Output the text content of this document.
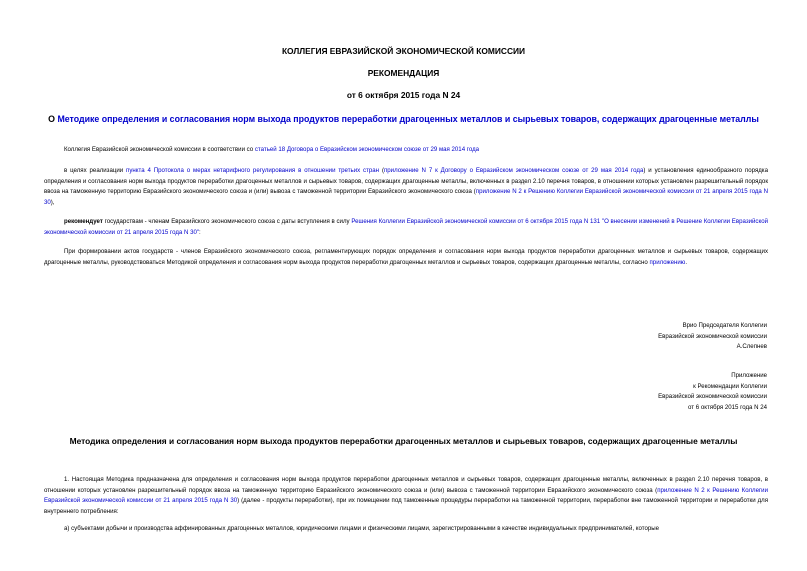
КОЛЛЕГИЯ ЕВРАЗИЙСКОЙ ЭКОНОМИЧЕСКОЙ КОМИССИИ
РЕКОМЕНДАЦИЯ
от 6 октября 2015 года N 24
О Методике определения и согласования норм выхода продуктов переработки драгоценных металлов и сырьевых товаров, содержащих драгоценные металлы
Коллегия Евразийской экономической комиссии в соответствии со статьей 18 Договора о Евразийском экономическом союзе от 29 мая 2014 года
в целях реализации пункта 4 Протокола о мерах нетарифного регулирования в отношении третьих стран (приложение N 7 к Договору о Евразийском экономическом союзе от 29 мая 2014 года) и установления единообразного порядка определения и согласования норм выхода продуктов переработки драгоценных металлов и сырьевых товаров, содержащих драгоценные металлы, включенных в раздел 2.10 перечня товаров, в отношении которых установлен разрешительный порядок ввоза на таможенную территорию Евразийского экономического союза и (или) вывоза с таможенной территории Евразийского экономического союза (приложение N 2 к Решению Коллегии Евразийской экономической комиссии от 21 апреля 2015 года N 30),
рекомендует государствам - членам Евразийского экономического союза с даты вступления в силу Решения Коллегии Евразийской экономической комиссии от 6 октября 2015 года N 131 "О внесении изменений в Решение Коллегии Евразийской экономической комиссии от 21 апреля 2015 года N 30":
При формировании актов государств - членов Евразийского экономического союза, регламентирующих порядок определения и согласования норм выхода продуктов переработки драгоценных металлов и сырьевых товаров, содержащих драгоценные металлы, руководствоваться Методикой определения и согласования норм выхода продуктов переработки драгоценных металлов и сырьевых товаров, содержащих драгоценные металлы, согласно приложению.
Врио Председателя Коллегии
Евразийской экономической комиссии
А.Слепнев
Приложение
к Рекомендации Коллегии
Евразийской экономической комиссии
от 6 октября 2015 года N 24
Методика определения и согласования норм выхода продуктов переработки драгоценных металлов и сырьевых товаров, содержащих драгоценные металлы
1. Настоящая Методика предназначена для определения и согласования норм выхода продуктов переработки драгоценных металлов и сырьевых товаров, содержащих драгоценные металлы, включенных в раздел 2.10 перечня товаров, в отношении которых установлен разрешительный порядок ввоза на таможенную территорию Евразийского экономического союза и (или) вывоза с таможенной территории Евразийского экономического союза (приложение N 2 к Решению Коллегии Евразийской экономической комиссии от 21 апреля 2015 года N 30) (далее - продукты переработки), при их помещении под таможенные процедуры переработки на таможенной территории, переработки вне таможенной территории и переработки для внутреннего потребления:
а) субъектами добычи и производства аффинированных драгоценных металлов, юридическими лицами и физическими лицами, зарегистрированными в качестве индивидуальных предпринимателей, которые
